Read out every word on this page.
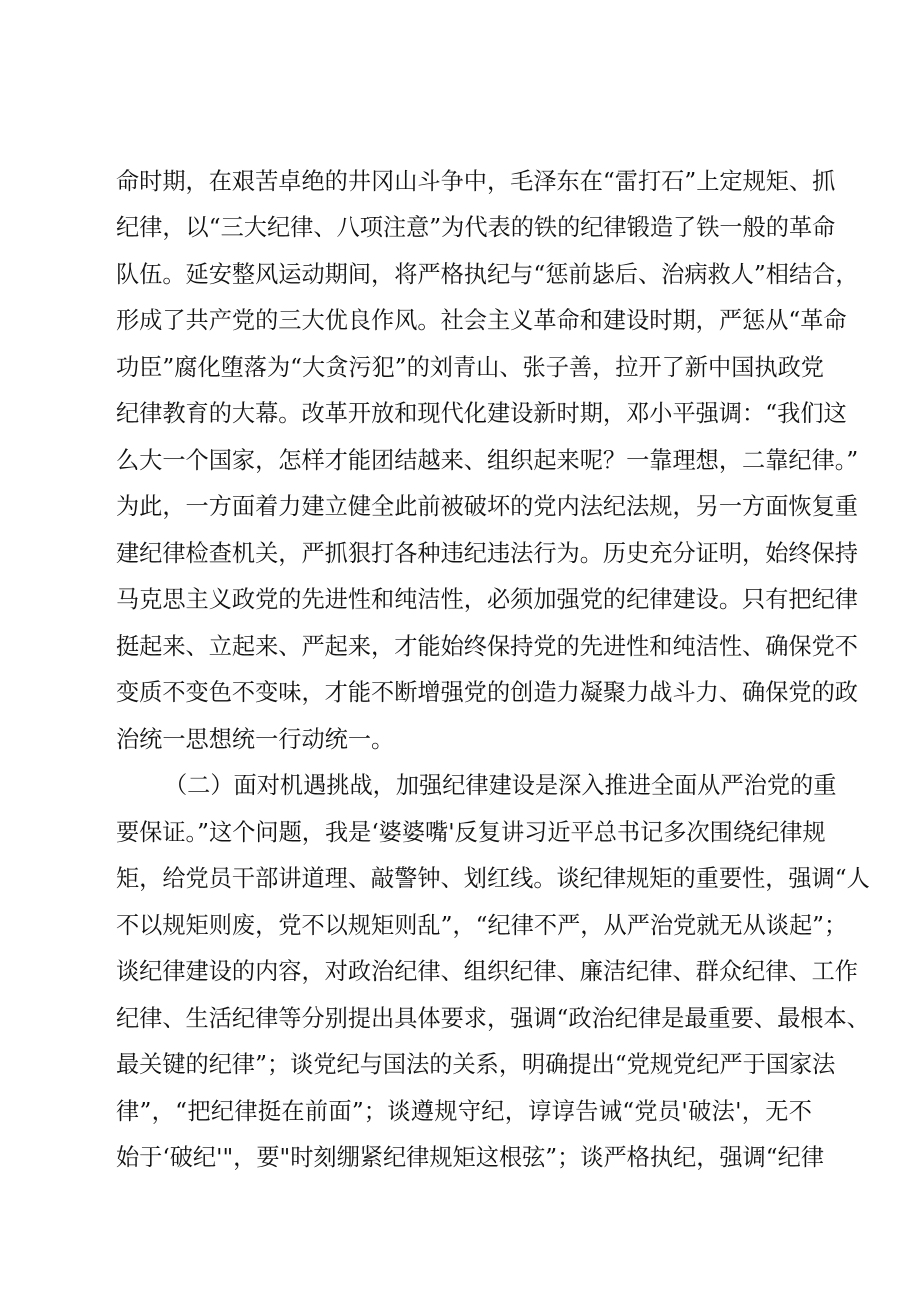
命时期，在艰苦卓绝的井冈山斗争中，毛泽东在“雷打石”上定规矩、抓
纪律，以“三大纪律、八项注意”为代表的铁的纪律锻造了铁一般的革命
队伍。延安整风运动期间，将严格执纪与“惩前毖后、治病救人”相结合，
形成了共产党的三大优良作风。社会主义革命和建设时期，严惩从“革命
功臣”腐化堕落为“大贪污犯”的刘青山、张子善，拉开了新中国执政党
纪律教育的大幕。改革开放和现代化建设新时期，邓小平强调：“我们这
么大一个国家，怎样才能团结越来、组织起来呢？一靠理想，二靠纪律。”
为此，一方面着力建立健全此前被破坏的党内法纪法规，另一方面恢复重
建纪律检查机关，严抓狠打各种违纪违法行为。历史充分证明，始终保持
马克思主义政党的先进性和纯洁性，必须加强党的纪律建设。只有把纪律
挺起来、立起来、严起来，才能始终保持党的先进性和纯洁性、确保党不
变质不变色不变味，才能不断增强党的创造力凝聚力战斗力、确保党的政
治统一思想统一行动统一。
（二）面对机遇挑战，加强纪律建设是深入推进全面从严治党的重
要保证。”这个问题，我是‘婆婆嘴'反复讲习近平总书记多次围绕纪律规
矩，给党员干部讲道理、敲警钟、划红线。谈纪律规矩的重要性，强调“人
不以规矩则废，党不以规矩则乱”，“纪律不严，从严治党就无从谈起”；
谈纪律建设的内容，对政治纪律、组织纪律、廉洁纪律、群众纪律、工作
纪律、生活纪律等分别提出具体要求，强调“政治纪律是最重要、最根本、
最关键的纪律”；谈党纪与国法的关系，明确提出“党规党纪严于国家法
律”，“把纪律挺在前面”；谈遵规守纪，谆谆告诫“党员'破法'，无不
始于‘破纪'"，要"时刻绷紧纪律规矩这根弦”；谈严格执纪，强调“纪律
